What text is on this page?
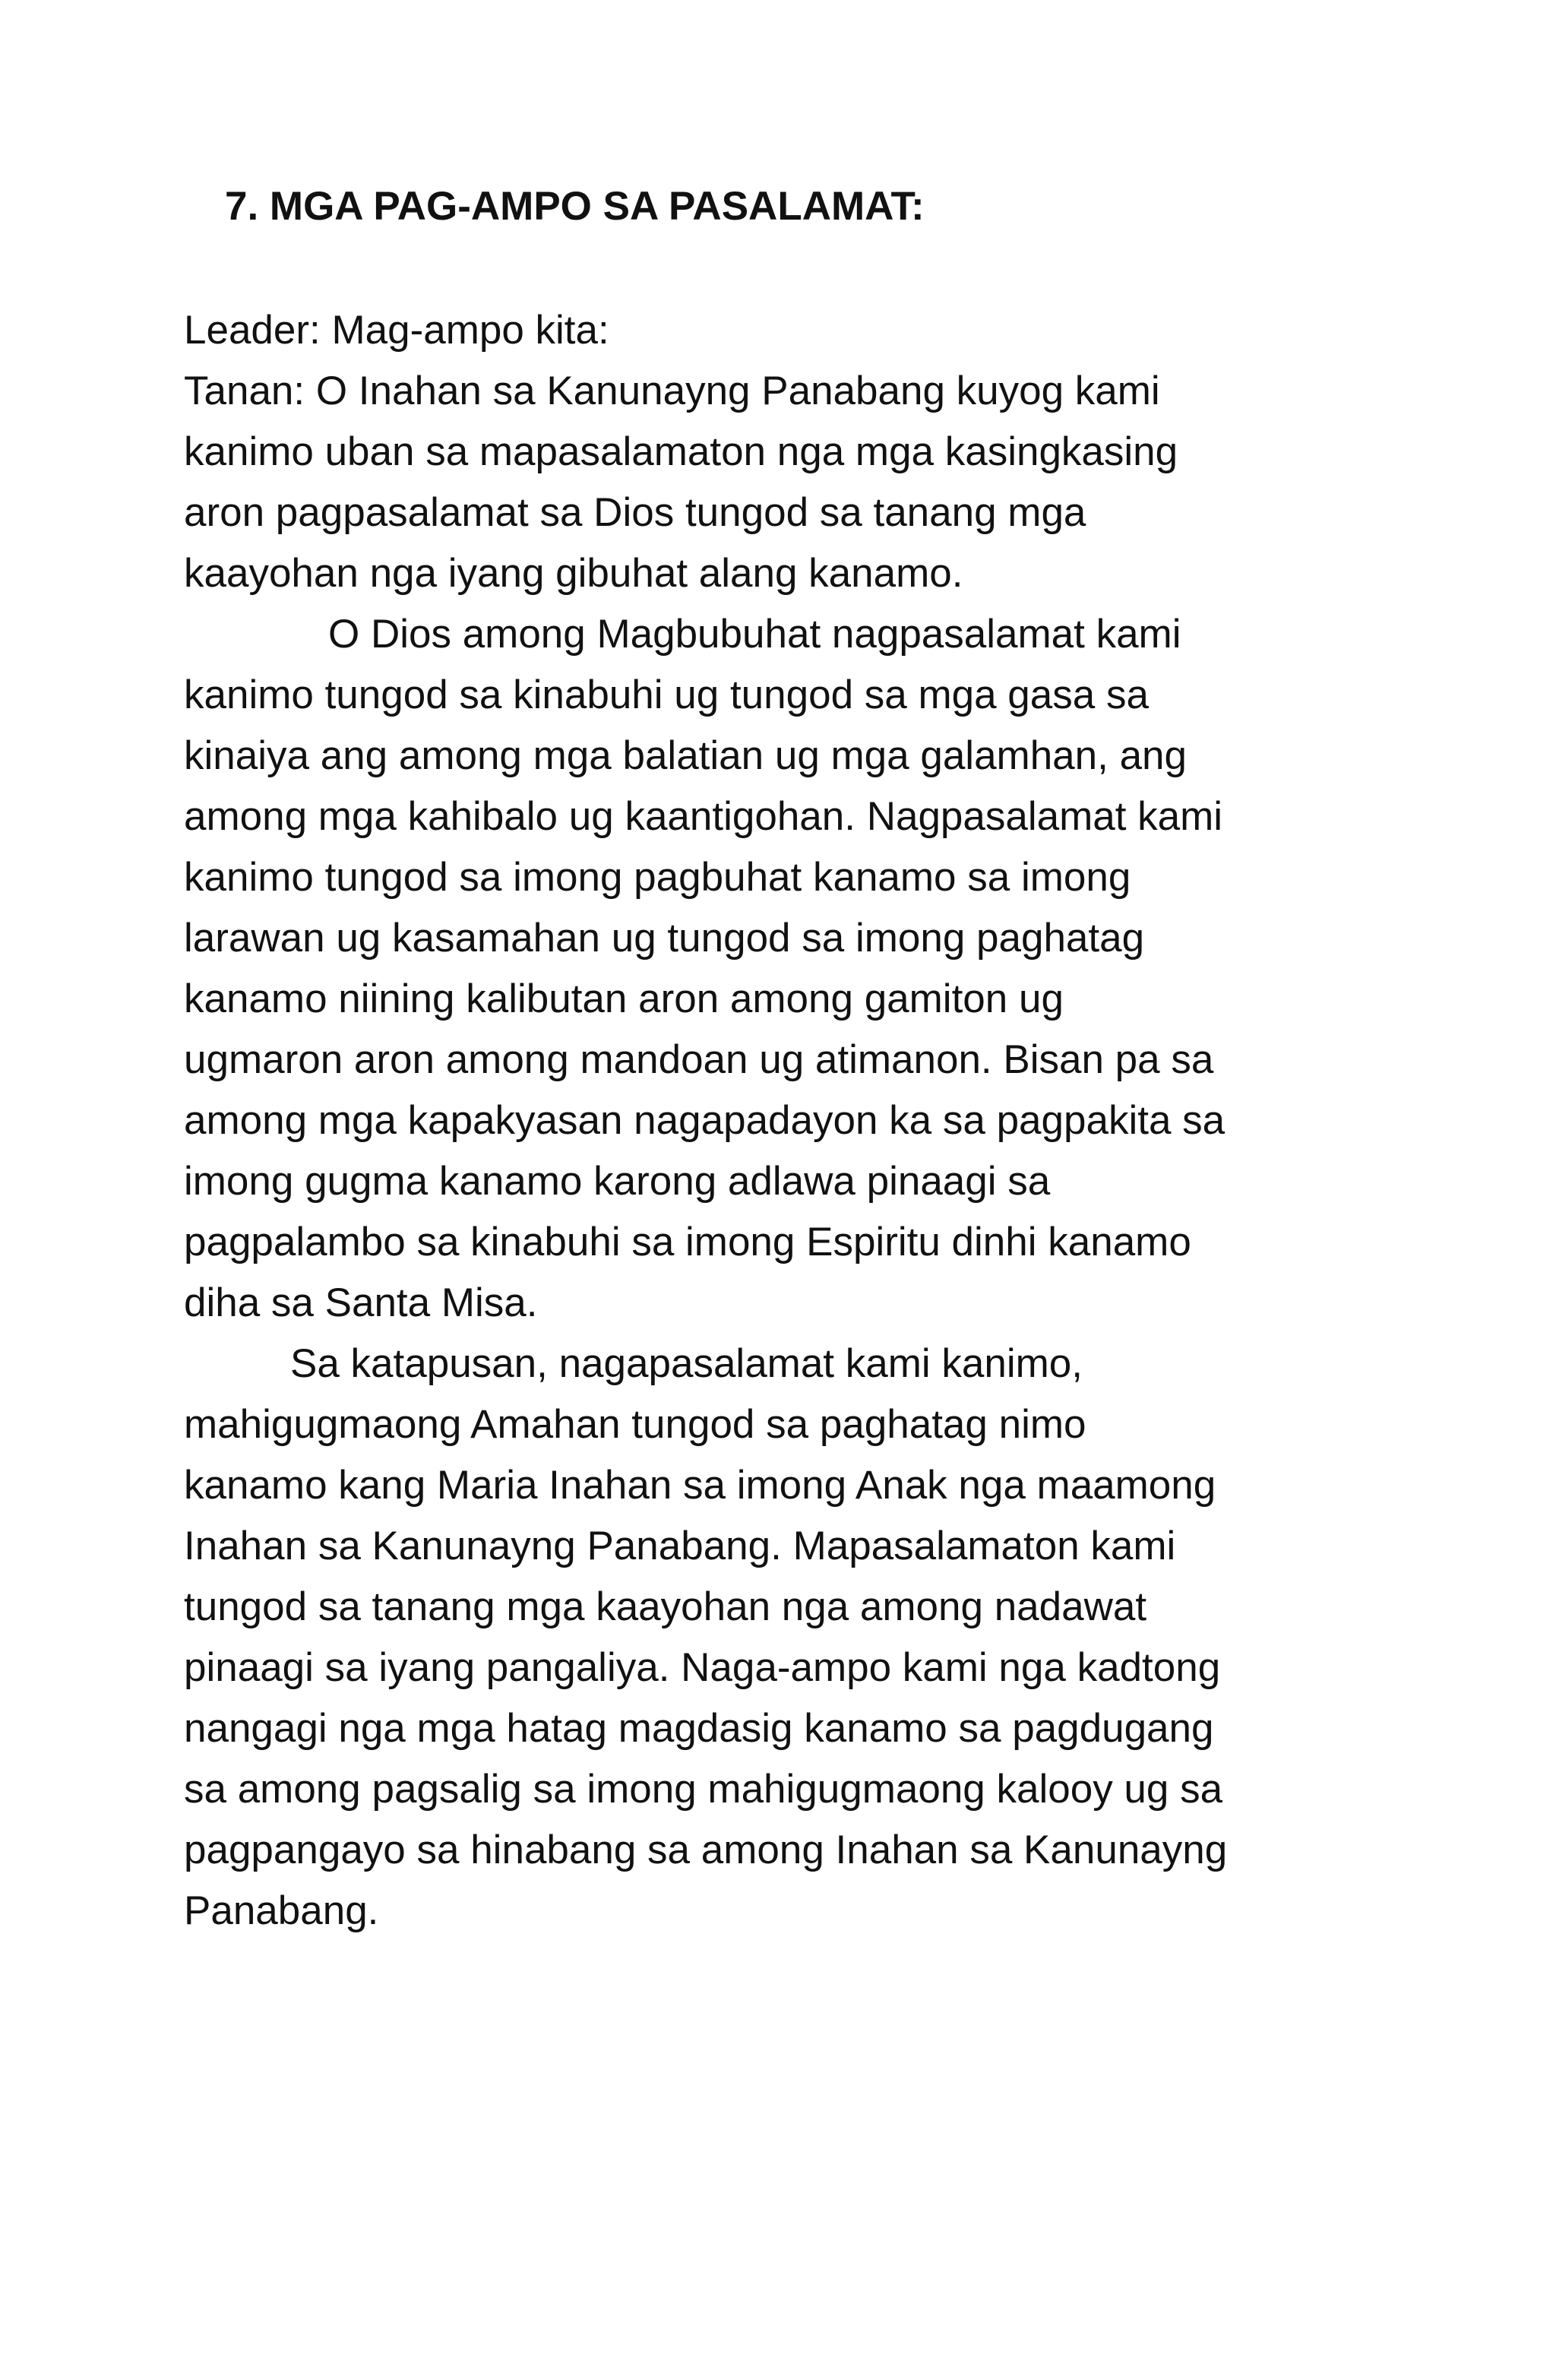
7. MGA PAG-AMPO SA PASALAMAT:
Leader: Mag-ampo kita:
Tanan: O Inahan sa Kanunayng Panabang kuyog kami
kanimo uban sa mapasalamaton nga mga kasingkasing
aron pagpasalamat sa Dios tungod sa tanang mga
kaayohan nga iyang gibuhat alang kanamo.
O Dios among Magbubuhat nagpasalamat kami
kanimo tungod sa kinabuhi ug tungod sa mga gasa sa
kinaiya ang among mga balatian ug mga galamhan, ang
among mga kahibalo ug kaantigohan. Nagpasalamat kami
kanimo tungod sa imong pagbuhat kanamo sa imong
larawan ug kasamahan ug tungod sa imong paghatag
kanamo niining kalibutan aron among gamiton ug
ugmaron aron among mandoan ug atimanon. Bisan pa sa
among mga kapakyasan nagapadayon ka sa pagpakita sa
imong gugma kanamo karong adlawa pinaagi sa
pagpalambo sa kinabuhi sa imong Espiritu dinhi kanamo
diha sa Santa Misa.
Sa katapusan, nagapasalamat kami kanimo,
mahigugmaong Amahan tungod sa paghatag nimo
kanamo kang Maria Inahan sa imong Anak nga maamong
Inahan sa Kanunayng Panabang. Mapasalamaton kami
tungod sa tanang mga kaayohan nga among nadawat
pinaagi sa iyang pangaliya. Naga-ampo kami nga kadtong
nangagi nga mga hatag magdasig kanamo sa pagdugang
sa among pagsalig sa imong mahigugmaong kalooy ug sa
pagpangayo sa hinabang sa among Inahan sa Kanunayng
Panabang.
